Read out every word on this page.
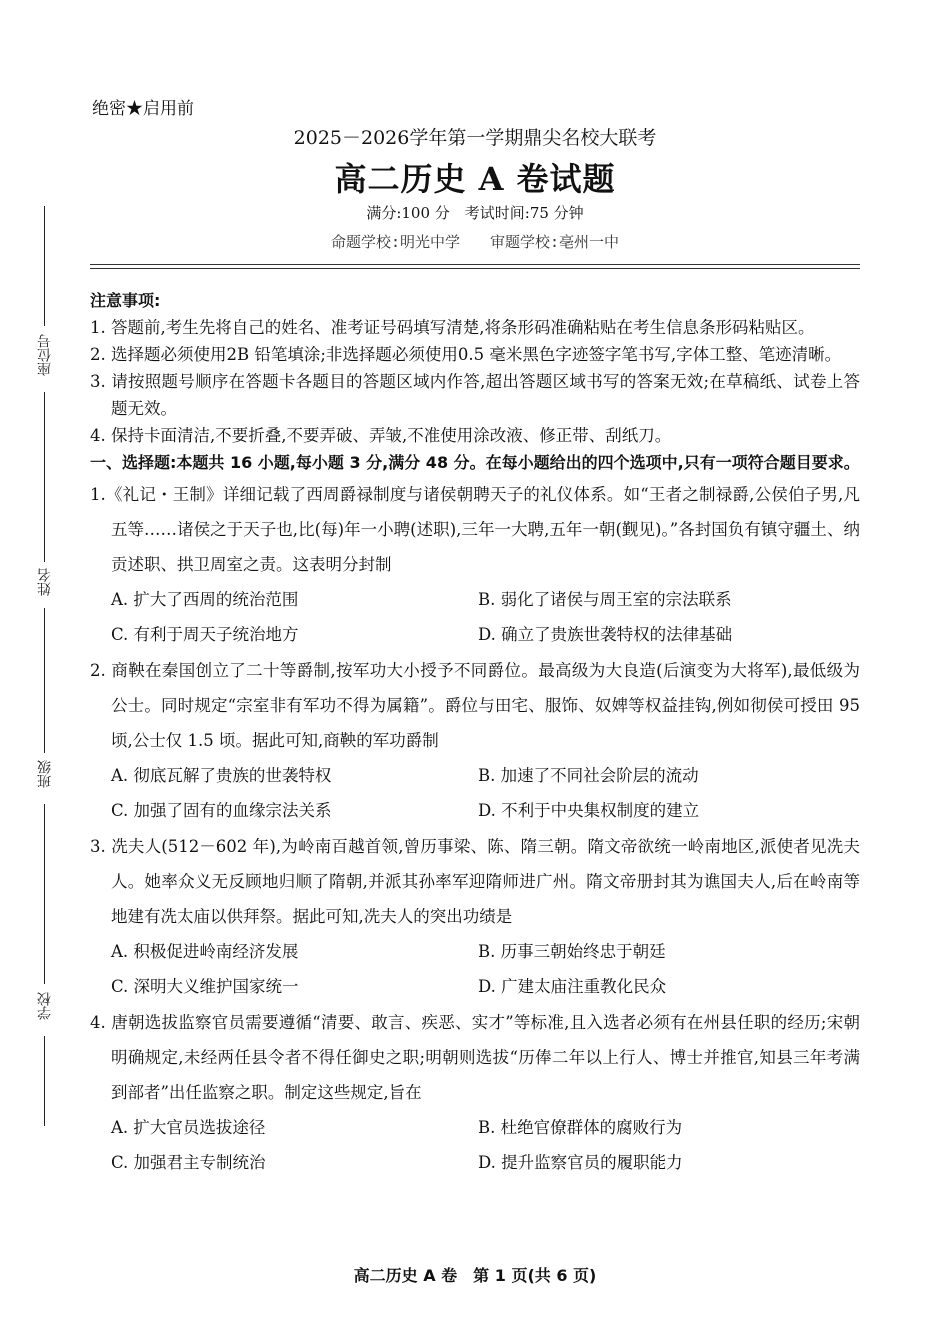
座位号
姓名
班级
学校
绝密★启用前
2025－2026学年第一学期鼎尖名校大联考
高二历史 A 卷试题
满分:100 分　考试时间:75 分钟
命题学校:明光中学　　审题学校:亳州一中
注意事项:
1. 答题前,考生先将自己的姓名、准考证号码填写清楚,将条形码准确粘贴在考生信息条形码粘贴区。
2. 选择题必须使用2B 铅笔填涂;非选择题必须使用0.5 毫米黑色字迹签字笔书写,字体工整、笔迹清晰。
3. 请按照题号顺序在答题卡各题目的答题区域内作答,超出答题区域书写的答案无效;在草稿纸、试卷上答题无效。
4. 保持卡面清洁,不要折叠,不要弄破、弄皱,不准使用涂改液、修正带、刮纸刀。
一、选择题:本题共 16 小题,每小题 3 分,满分 48 分。在每小题给出的四个选项中,只有一项符合题目要求。
1.《礼记・王制》详细记载了西周爵禄制度与诸侯朝聘天子的礼仪体系。如“王者之制禄爵,公侯伯子男,凡五等……诸侯之于天子也,比(每)年一小聘(述职),三年一大聘,五年一朝(觐见)。”各封国负有镇守疆土、纳贡述职、拱卫周室之责。这表明分封制
A. 扩大了西周的统治范围	B. 弱化了诸侯与周王室的宗法联系
C. 有利于周天子统治地方	D. 确立了贵族世袭特权的法律基础
2. 商鞅在秦国创立了二十等爵制,按军功大小授予不同爵位。最高级为大良造(后演变为大将军),最低级为公士。同时规定“宗室非有军功不得为属籍”。爵位与田宅、服饰、奴婢等权益挂钩,例如彻侯可授田 95 顷,公士仅 1.5 顷。据此可知,商鞅的军功爵制
A. 彻底瓦解了贵族的世袭特权	B. 加速了不同社会阶层的流动
C. 加强了固有的血缘宗法关系	D. 不利于中央集权制度的建立
3. 冼夫人(512－602 年),为岭南百越首领,曾历事梁、陈、隋三朝。隋文帝欲统一岭南地区,派使者见冼夫人。她率众义无反顾地归顺了隋朝,并派其孙率军迎隋师进广州。隋文帝册封其为谯国夫人,后在岭南等地建有冼太庙以供拜祭。据此可知,冼夫人的突出功绩是
A. 积极促进岭南经济发展	B. 历事三朝始终忠于朝廷
C. 深明大义维护国家统一	D. 广建太庙注重教化民众
4. 唐朝选拔监察官员需要遵循“清要、敢言、疾恶、实才”等标准,且入选者必须有在州县任职的经历;宋朝明确规定,未经两任县令者不得任御史之职;明朝则选拔“历俸二年以上行人、博士并推官,知县三年考满到部者”出任监察之职。制定这些规定,旨在
A. 扩大官员选拔途径	B. 杜绝官僚群体的腐败行为
C. 加强君主专制统治	D. 提升监察官员的履职能力
高二历史 A 卷　第 1 页(共 6 页)
